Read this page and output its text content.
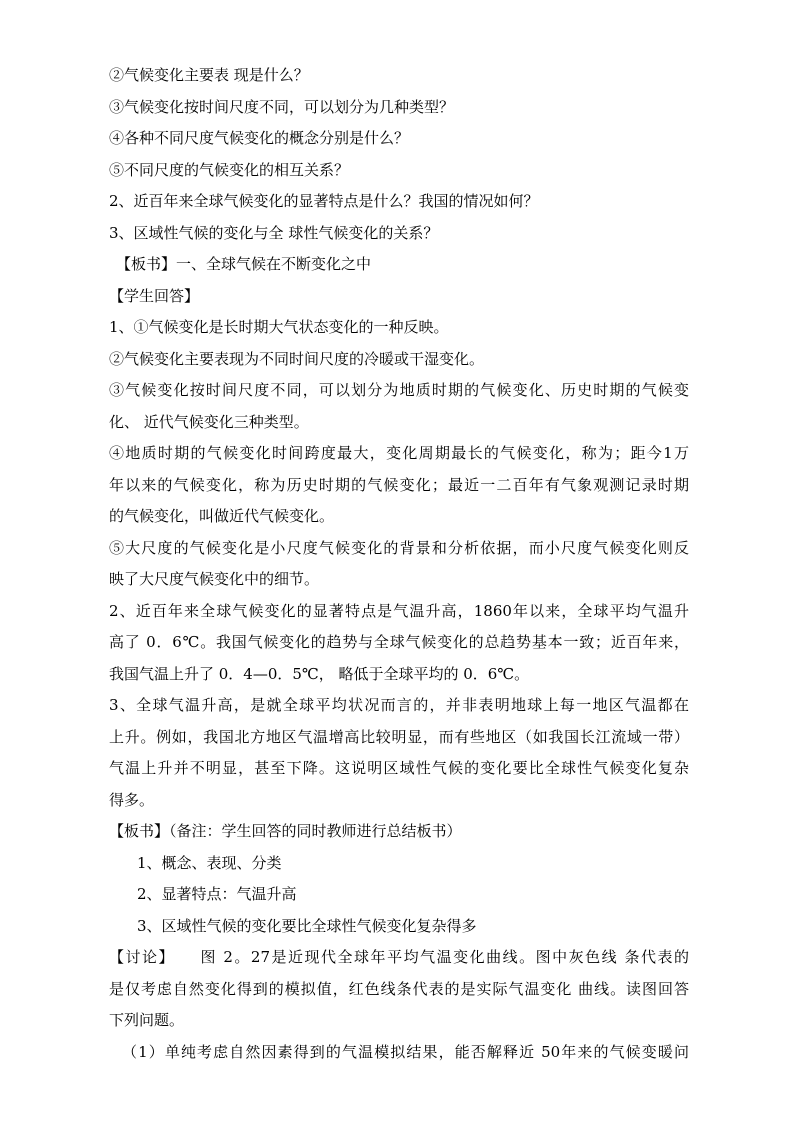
②气候变化主要表 现是什么？
③气候变化按时间尺度不同，可以划分为几种类型？
④各种不同尺度气候变化的概念分别是什么？
⑤不同尺度的气候变化的相互关系？
2、近百年来全球气候变化的显著特点是什么？我国的情况如何？
3、区域性气候的变化与全 球性气候变化的关系？
【板书】一、全球气候在不断变化之中
【学生回答】
1、①气候变化是长时期大气状态变化的一种反映。
②气候变化主要表现为不同时间尺度的冷暖或干湿变化。
③气候变化按时间尺度不同，可以划分为地质时期的气候变化、历史时期的气候变
化、 近代气候变化三种类型。
④地质时期的气候变化时间跨度最大，变化周期最长的气候变化，称为；距今1万
年以来的气候变化，称为历史时期的气候变化；最近一二百年有气象观测记录时期
的气候变化，叫做近代气候变化。
⑤大尺度的气候变化是小尺度气候变化的背景和分析依据，而小尺度气候变化则反
映了大尺度气候变化中的细节。
2、近百年来全球气候变化的显著特点是气温升高，1860年以来，全球平均气温升
高了 0．6℃。我国气候变化的趋势与全球气候变化的总趋势基本一致；近百年来，
我国气温上升了 0．4—0．5℃， 略低于全球平均的 0．6℃。
3、全球气温升高，是就全球平均状况而言的，并非表明地球上每一地区气温都在
上升。例如，我国北方地区气温增高比较明显，而有些地区（如我国长江流域一带）
气温上升并不明显，甚至下降。这说明区域性气候的变化要比全球性气候变化复杂
得多。
【板书】（备注：学生回答的同时教师进行总结板书）
1、概念、表现、分类
2、显著特点：气温升高
3、区域性气候的变化要比全球性气候变化复杂得多
【讨论】　　图 2。27是近现代全球年平均气温变化曲线。图中灰色线 条代表的
是仅考虑自然变化得到的模拟值，红色线条代表的是实际气温变化 曲线。读图回答
下列问题。
（1）单纯考虑自然因素得到的气温模拟结果，能否解释近 50年来的气候变暖问
